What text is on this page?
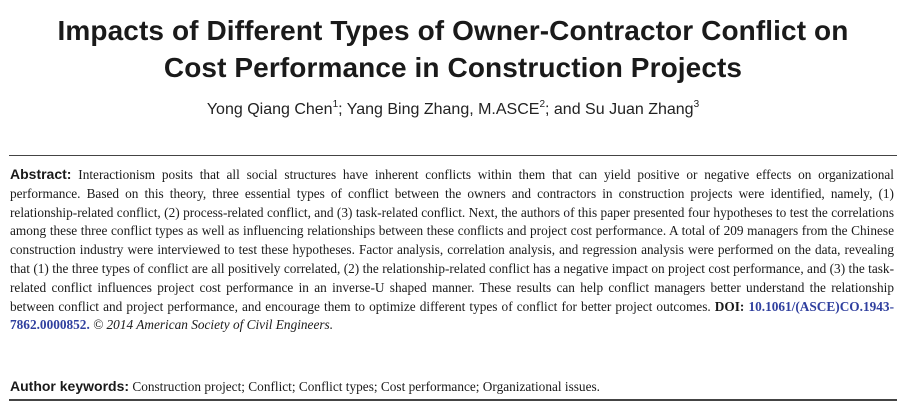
Impacts of Different Types of Owner-Contractor Conflict on
Cost Performance in Construction Projects
Yong Qiang Chen$^1$; Yang Bing Zhang, M.ASCE$^2$; and Su Juan Zhang$^3$
Abstract: Interactionism posits that all social structures have inherent conflicts within them that can yield positive or negative effects on organizational performance. Based on this theory, three essential types of conflict between the owners and contractors in construction projects were identified, namely, (1) relationship-related conflict, (2) process-related conflict, and (3) task-related conflict. Next, the authors of this paper presented four hypotheses to test the correlations among these three conflict types as well as influencing relationships between these conflicts and project cost performance. A total of 209 managers from the Chinese construction industry were interviewed to test these hypotheses. Factor analysis, correlation analysis, and regression analysis were performed on the data, revealing that (1) the three types of conflict are all positively correlated, (2) the relationship-related conflict has a negative impact on project cost performance, and (3) the task-related conflict influences project cost performance in an inverse-U shaped manner. These results can help conflict managers better understand the relationship between conflict and project performance, and encourage them to optimize different types of conflict for better project outcomes. DOI: 10.1061/(ASCE)CO.1943-7862.0000852. © 2014 American Society of Civil Engineers.
Author keywords: Construction project; Conflict; Conflict types; Cost performance; Organizational issues.
